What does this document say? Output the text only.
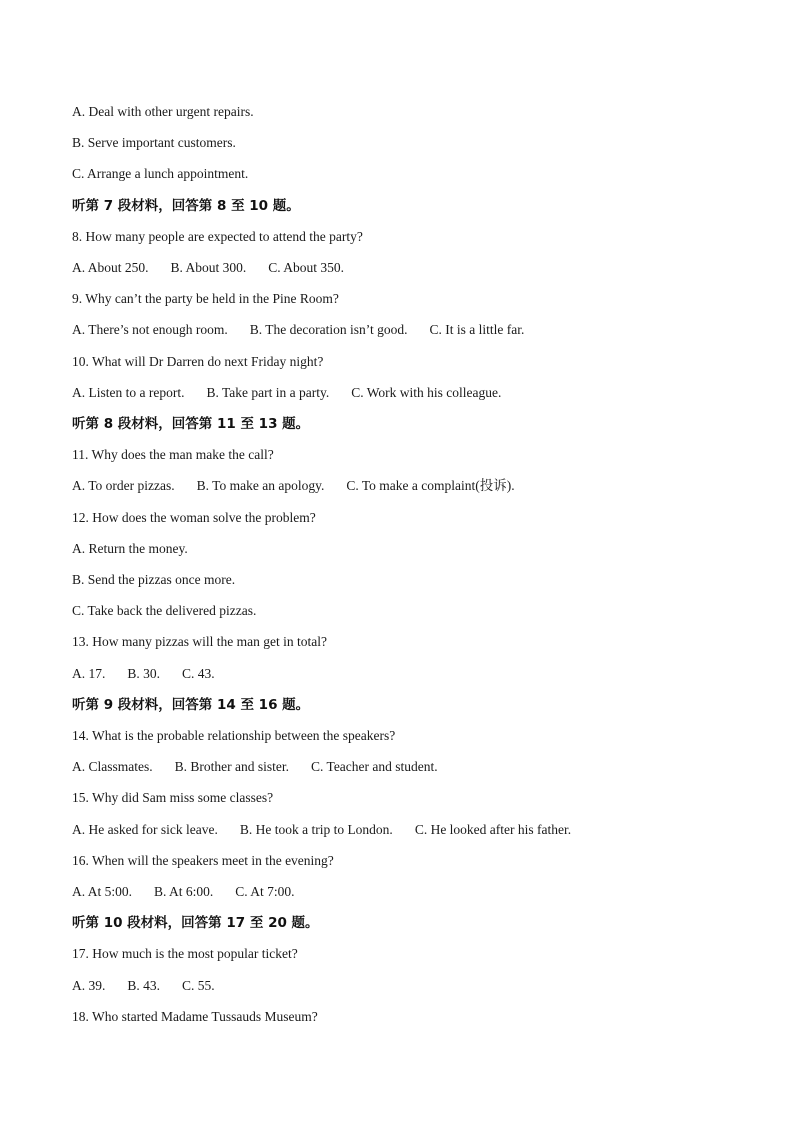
A. Deal with other urgent repairs.
B. Serve important customers.
C. Arrange a lunch appointment.
听第 7 段材料，回答第 8 至 10 题。
8. How many people are expected to attend the party?
A. About 250. B. About 300. C. About 350.
9. Why can’t the party be held in the Pine Room?
A. There’s not enough room. B. The decoration isn’t good. C. It is a little far.
10. What will Dr Darren do next Friday night?
A. Listen to a report. B. Take part in a party. C. Work with his colleague.
听第 8 段材料，回答第 11 至 13 题。
11. Why does the man make the call?
A. To order pizzas. B. To make an apology. C. To make a complaint(投诉).
12. How does the woman solve the problem?
A. Return the money.
B. Send the pizzas once more.
C. Take back the delivered pizzas.
13. How many pizzas will the man get in total?
A. 17. B. 30. C. 43.
听第 9 段材料，回答第 14 至 16 题。
14. What is the probable relationship between the speakers?
A. Classmates. B. Brother and sister. C. Teacher and student.
15. Why did Sam miss some classes?
A. He asked for sick leave. B. He took a trip to London. C. He looked after his father.
16. When will the speakers meet in the evening?
A. At 5:00. B. At 6:00. C. At 7:00.
听第 10 段材料，回答第 17 至 20 题。
17. How much is the most popular ticket?
A. 39. B. 43. C. 55.
18. Who started Madame Tussauds Museum?
